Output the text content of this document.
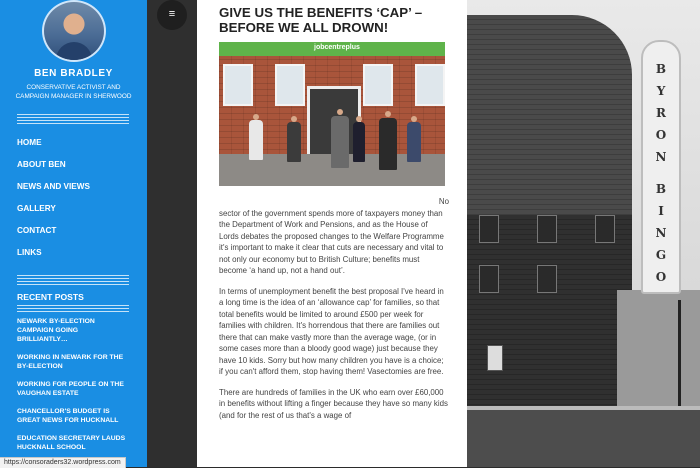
BEN BRADLEY
CONSERVATIVE ACTIVIST AND CAMPAIGN MANAGER IN SHERWOOD
HOME
ABOUT BEN
NEWS AND VIEWS
GALLERY
CONTACT
LINKS
RECENT POSTS
NEWARK BY-ELECTION CAMPAIGN GOING BRILLIANTLY…
WORKING IN NEWARK FOR THE BY-ELECTION
WORKING FOR PEOPLE ON THE VAUGHAN ESTATE
CHANCELLOR'S BUDGET IS GREAT NEWS FOR HUCKNALL
EDUCATION SECRETARY LAUDS HUCKNALL SCHOOL
≡	GIVE US THE BENEFITS ‘CAP’ – BEFORE WE ALL DROWN!
jobcentreplus

No

sector of the government spends more of taxpayers money than the Department of Work and Pensions, and as the House of Lords debates the proposed changes to the Welfare Programme it's important to make it clear that cuts are necessary and vital to not only our economy but to British Culture; benefits must become ‘a hand up, not a hand out’.

In terms of unemployment benefit the best proposal I've heard in a long time is the idea of an ‘allowance cap’ for families, so that total benefits would be limited to around £500 per week for families with children. It's horrendous that there are families out there that can make vastly more than the average wage, (or in some cases more than a bloody good wage) just because they have 10 kids. Sorry but how many children you have is a choice; if you can't afford them, stop having them! Vasectomies are free.

There are hundreds of families in the UK who earn over £60,000 in benefits without lifting a finger because they have so many kids (and for the rest of us that's a wage of

B
Y
R
O
N
B
I
N
G
O
https://consoraders32.wordpress.com
